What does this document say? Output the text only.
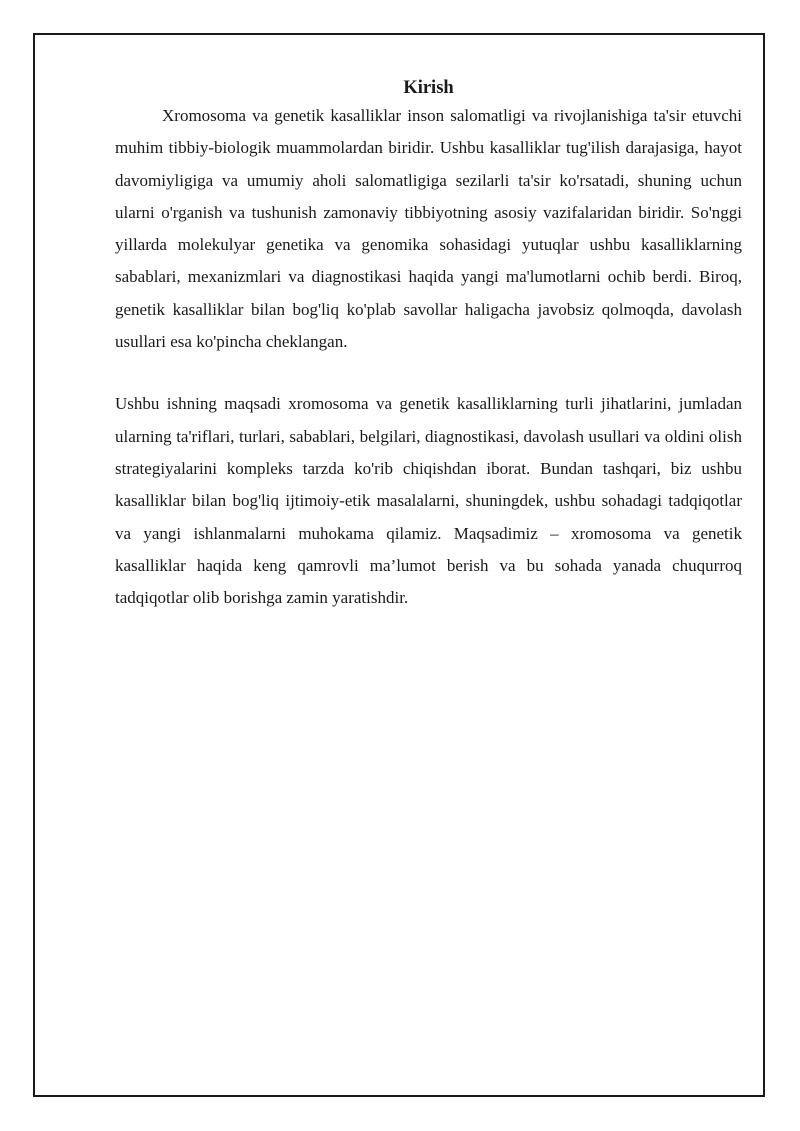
Kirish

Xromosoma va genetik kasalliklar inson salomatligi va rivojlanishiga ta'sir etuvchi muhim tibbiy-biologik muammolardan biridir. Ushbu kasalliklar tug'ilish darajasiga, hayot davomiyligiga va umumiy aholi salomatligiga sezilarli ta'sir ko'rsatadi, shuning uchun ularni o'rganish va tushunish zamonaviy tibbiyotning asosiy vazifalaridan biridir. So'nggi yillarda molekulyar genetika va genomika sohasidagi yutuqlar ushbu kasalliklarning sabablari, mexanizmlari va diagnostikasi haqida yangi ma'lumotlarni ochib berdi. Biroq, genetik kasalliklar bilan bog'liq ko'plab savollar haligacha javobsiz qolmoqda, davolash usullari esa ko'pincha cheklangan.

Ushbu ishning maqsadi xromosoma va genetik kasalliklarning turli jihatlarini, jumladan ularning ta'riflari, turlari, sabablari, belgilari, diagnostikasi, davolash usullari va oldini olish strategiyalarini kompleks tarzda ko'rib chiqishdan iborat. Bundan tashqari, biz ushbu kasalliklar bilan bog'liq ijtimoiy-etik masalalarni, shuningdek, ushbu sohadagi tadqiqotlar va yangi ishlanmalarni muhokama qilamiz. Maqsadimiz – xromosoma va genetik kasalliklar haqida keng qamrovli ma’lumot berish va bu sohada yanada chuqurroq tadqiqotlar olib borishga zamin yaratishdir.
